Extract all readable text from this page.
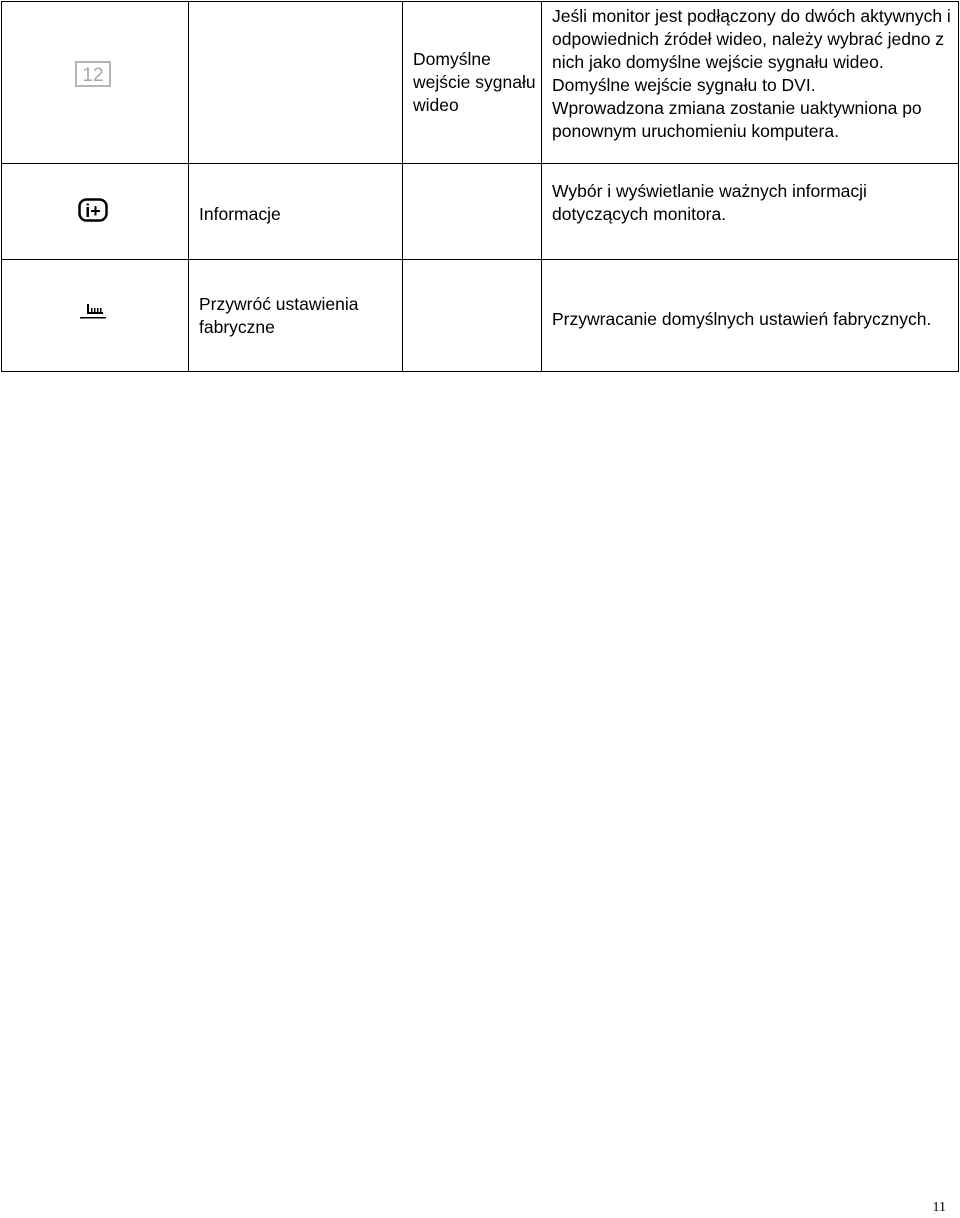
12		Domyślne wejście sygnału wideo	Jeśli monitor jest podłączony do dwóch aktywnych i odpowiednich źródeł wideo, należy wybrać jedno z nich jako domyślne wejście sygnału wideo.

Domyślne wejście sygnału to DVI.

Wprowadzona zmiana zostanie uaktywniona po ponownym uruchomieniu komputera.

i+	Informacje		Wybór i wyświetlanie ważnych informacji dotyczących monitora.

	Przywróć ustawienia fabryczne		Przywracanie domyślnych ustawień fabrycznych.

11
